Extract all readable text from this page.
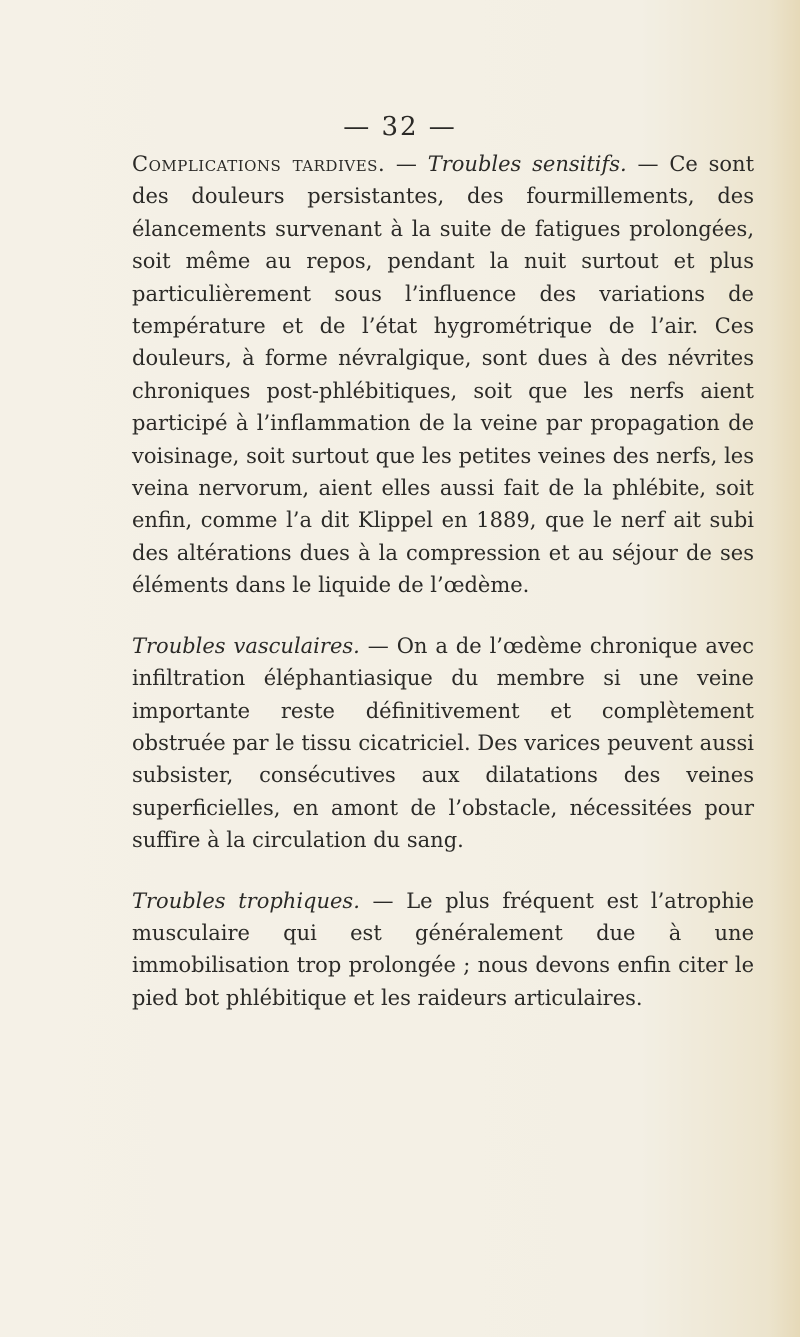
— 32 —

Complications tardives. — Troubles sensitifs. — Ce sont des douleurs persistantes, des fourmillements, des élancements survenant à la suite de fatigues prolongées, soit même au repos, pendant la nuit surtout et plus particulièrement sous l’influence des variations de température et de l’état hygrométrique de l’air. Ces douleurs, à forme névralgique, sont dues à des névrites chroniques post-phlébitiques, soit que les nerfs aient participé à l’inflammation de la veine par propagation de voisinage, soit surtout que les petites veines des nerfs, les veina nervorum, aient elles aussi fait de la phlébite, soit enfin, comme l’a dit Klippel en 1889, que le nerf ait subi des altérations dues à la compression et au séjour de ses éléments dans le liquide de l’œdème.

Troubles vasculaires. — On a de l’œdème chronique avec infiltration éléphantiasique du membre si une veine importante reste définitivement et complètement obstruée par le tissu cicatriciel. Des varices peuvent aussi subsister, consécutives aux dilatations des veines superficielles, en amont de l’obstacle, nécessitées pour suffire à la circulation du sang.

Troubles trophiques. — Le plus fréquent est l’atrophie musculaire qui est généralement due à une immobilisation trop prolongée ; nous devons enfin citer le pied bot phlébitique et les raideurs articulaires.
